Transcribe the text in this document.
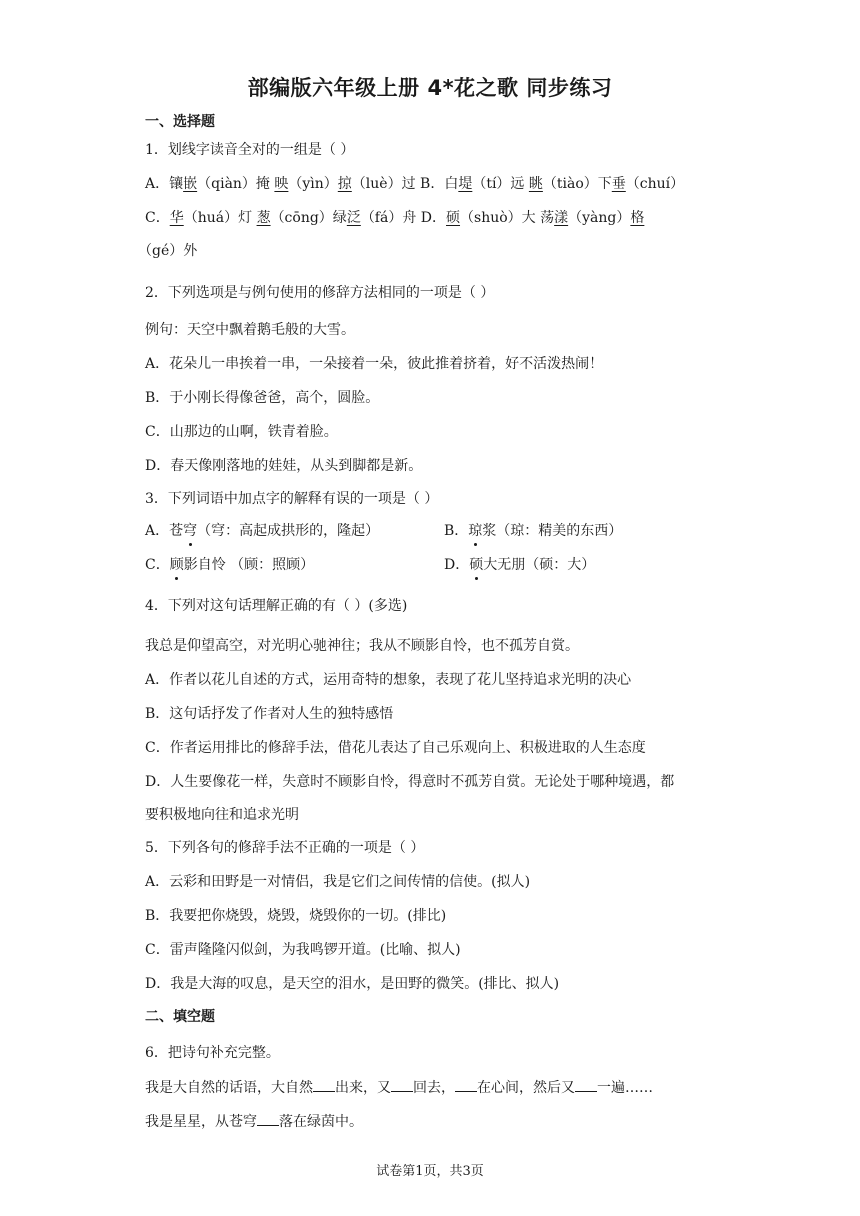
部编版六年级上册 4*花之歌 同步练习
一、选择题
1．划线字读音全对的一组是（ ）
A．镶嵌（qiàn）掩 映（yìn）掠（luè）过 B．白堤（tí）远 眺（tiào）下垂（chuí）
C．华（huá）灯 葱（cōng）绿泛（fá）舟 D．硕（shuò）大 荡漾（yàng）格
（gé）外
2．下列选项是与例句使用的修辞方法相同的一项是（ ）
例句：天空中飘着鹅毛般的大雪。
A．花朵儿一串挨着一串，一朵接着一朵，彼此推着挤着，好不活泼热闹！
B．于小刚长得像爸爸，高个，圆脸。
C．山那边的山啊，铁青着脸。
D．春天像刚落地的娃娃，从头到脚都是新。
3．下列词语中加点字的解释有误的一项是（ ）
A．苍穹（穹：高起成拱形的，隆起）	B．琼浆（琼：精美的东西）
C．顾影自怜 （顾：照顾）	D．硕大无朋（硕：大）
4．下列对这句话理解正确的有（ ）(多选)
我总是仰望高空，对光明心驰神往；我从不顾影自怜，也不孤芳自赏。
A．作者以花儿自述的方式，运用奇特的想象，表现了花儿坚持追求光明的决心
B．这句话抒发了作者对人生的独特感悟
C．作者运用排比的修辞手法，借花儿表达了自己乐观向上、积极进取的人生态度
D．人生要像花一样，失意时不顾影自怜，得意时不孤芳自赏。无论处于哪种境遇，都
要积极地向往和追求光明
5．下列各句的修辞手法不正确的一项是（ ）
A．云彩和田野是一对情侣，我是它们之间传情的信使。(拟人)
B．我要把你烧毁，烧毁，烧毁你的一切。(排比)
C．雷声隆隆闪似剑，为我鸣锣开道。(比喻、拟人)
D．我是大海的叹息，是天空的泪水，是田野的微笑。(排比、拟人)
二、填空题
6．把诗句补充完整。
我是大自然的话语，大自然 出来，又 回去， 在心间，然后又 一遍……
我是星星，从苍穹 落在绿茵中。
试卷第1页，共3页
